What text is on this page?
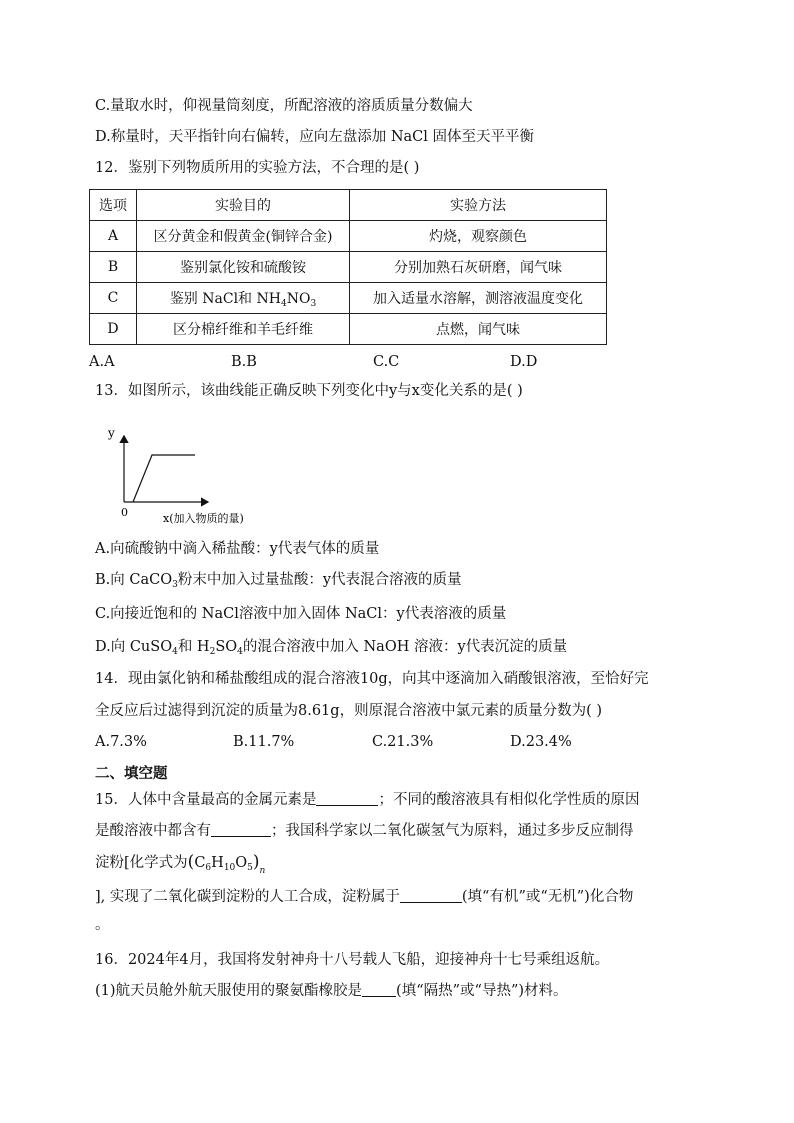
C.量取水时，仰视量筒刻度，所配溶液的溶质质量分数偏大
D.称量时，天平指针向右偏转，应向左盘添加 NaCl 固体至天平平衡
12．鉴别下列物质所用的实验方法，不合理的是( )
选项	实验目的	实验方法
A	区分黄金和假黄金(铜锌合金)	灼烧，观察颜色
B	鉴别氯化铵和硫酸铵	分别加熟石灰研磨，闻气味
C	鉴别 NaCl和 $NH_4NO_3$	加入适量水溶解，测溶液温度变化
D	区分棉纤维和羊毛纤维	点燃，闻气味
A.A	B.B	C.C	D.D
13．如图所示，该曲线能正确反映下列变化中y与x变化关系的是( )
y
0	x(加入物质的量)
A.向硫酸钠中滴入稀盐酸：y代表气体的质量
B.向 CaCO$_3$粉末中加入过量盐酸：y代表混合溶液的质量
C.向接近饱和的 NaCl溶液中加入固体 NaCl：y代表溶液的质量
D.向 CuSO$_4$和 $H_2SO_4$的混合溶液中加入 NaOH 溶液：y代表沉淀的质量
14．现由氯化钠和稀盐酸组成的混合溶液10g，向其中逐滴加入硝酸银溶液，至恰好完
全反应后过滤得到沉淀的质量为8.61g，则原混合溶液中氯元素的质量分数为( )
A.7.3%	B.11.7%	C.21.3%	D.23.4%
二、填空题
15．人体中含量最高的金属元素是	；不同的酸溶液具有相似化学性质的原因
是酸溶液中都含有	；我国科学家以二氧化碳氢气为原料，通过多步反应制得
淀粉[化学式为$(C_6H_{10}O_5)_n$
], 实现了二氧化碳到淀粉的人工合成，淀粉属于	(填“有机”或“无机”)化合物
。
16．2024年4月，我国将发射神舟十八号载人飞船，迎接神舟十七号乘组返航。
(1)航天员舱外航天服使用的聚氨酯橡胶是 (填“隔热”或“导热”)材料。
